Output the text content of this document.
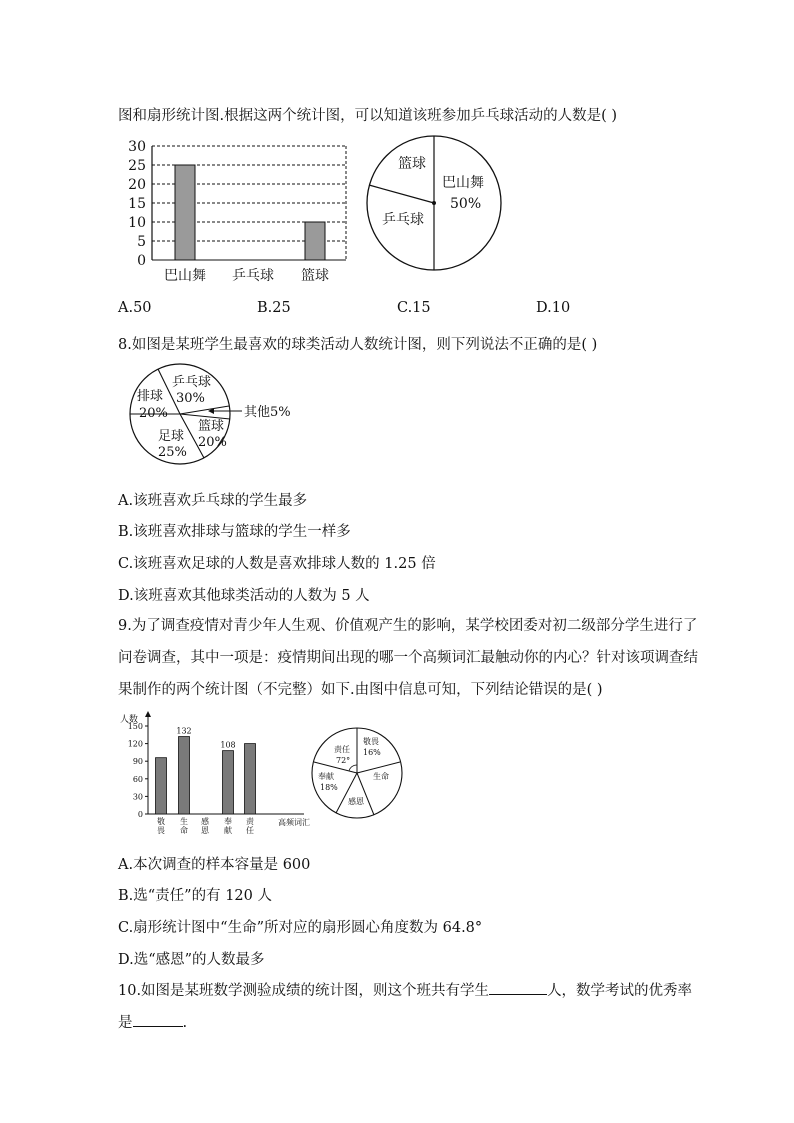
图和扇形统计图.根据这两个统计图，可以知道该班参加乒乓球活动的人数是( )
0
5
10
15
20
25
30
巴山舞 乒乓球 篮球
篮球
巴山舞
50%
乒乓球
A.50	B.25	C.15	D.10
8.如图是某班学生最喜欢的球类活动人数统计图，则下列说法不正确的是( )
其他5%
乒乓球
30%
排球
20%
足球
25%
篮球
20%
A.该班喜欢乒乓球的学生最多
B.该班喜欢排球与篮球的学生一样多
C.该班喜欢足球的人数是喜欢排球人数的 1.25 倍
D.该班喜欢其他球类活动的人数为 5 人
9.为了调查疫情对青少年人生观、价值观产生的影响，某学校团委对初二级部分学生进行了
问卷调查，其中一项是：疫情期间出现的哪一个高频词汇最触动你的内心？针对该项调查结
果制作的两个统计图（不完整）如下.由图中信息可知，下列结论错误的是( )
人数
高频词汇
0
30
60
90
120
150
敬
畏
生
命
感
恩
奉
献
责
任
132
108	责任
72°
敬畏
16%
生命
奉献
18%
感恩
A.本次调查的样本容量是 600
B.选“责任”的有 120 人
C.扇形统计图中“生命”所对应的扇形圆心角度数为 64.8°
D.选“感恩”的人数最多
10.如图是某班数学测验成绩的统计图，则这个班共有学生	人，数学考试的优秀率
是	.
